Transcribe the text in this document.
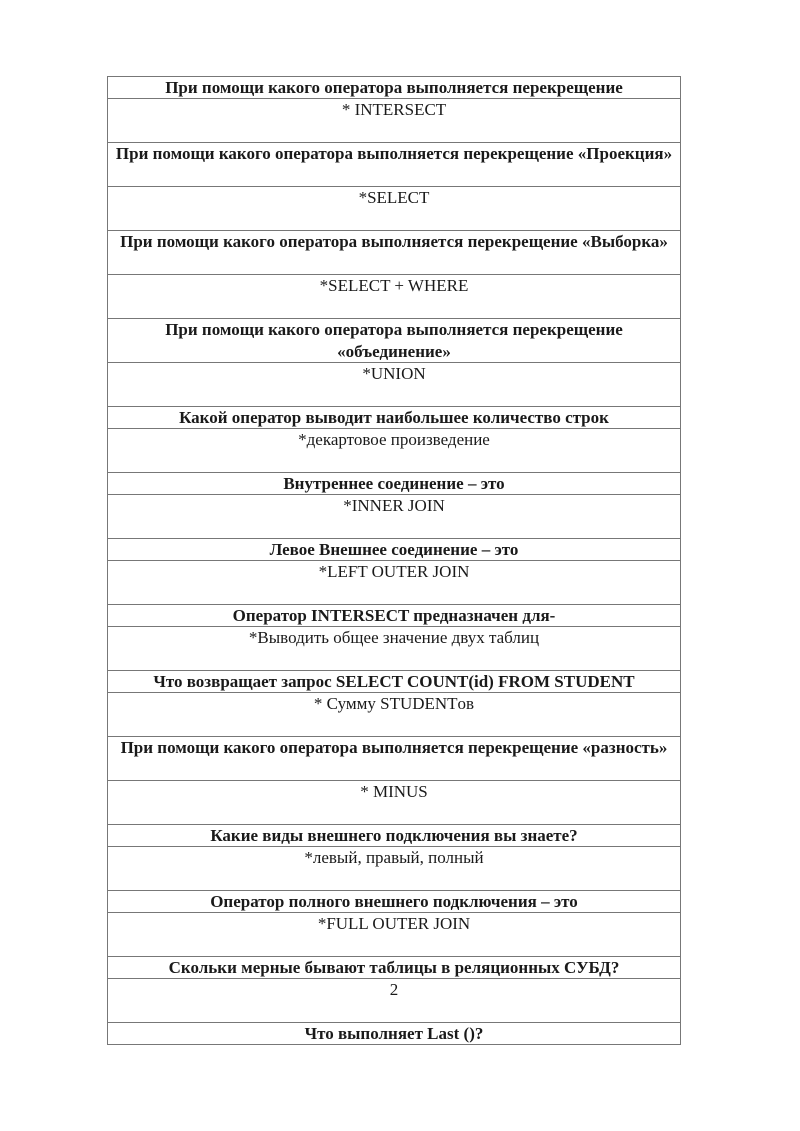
При помощи какого оператора выполняется перекрещение
* INTERSECT
При помощи какого оператора выполняется перекрещение «Проекция»
*SELECT
При помощи какого оператора выполняется перекрещение «Выборка»
*SELECT + WHERE
При помощи какого оператора выполняется перекрещение «объединение»
*UNION
Какой оператор выводит наибольшее количество строк
*декартовое произведение
Внутреннее соединение – это
*INNER JOIN
Левое Внешнее соединение – это
*LEFT OUTER JOIN
Оператор INTERSECT предназначен для-
*Выводить общее значение двух таблиц
Что возвращает запрос SELECT COUNT(id) FROM STUDENT
* Сумму STUDENTов
При помощи какого оператора выполняется перекрещение «разность»
* MINUS
Какие виды внешнего подключения вы знаете?
*левый, правый, полный
Оператор полного внешнего подключения – это
*FULL OUTER JOIN
Скольки мерные бывают таблицы в реляционных СУБД?
2
Что выполняет Last ()?
